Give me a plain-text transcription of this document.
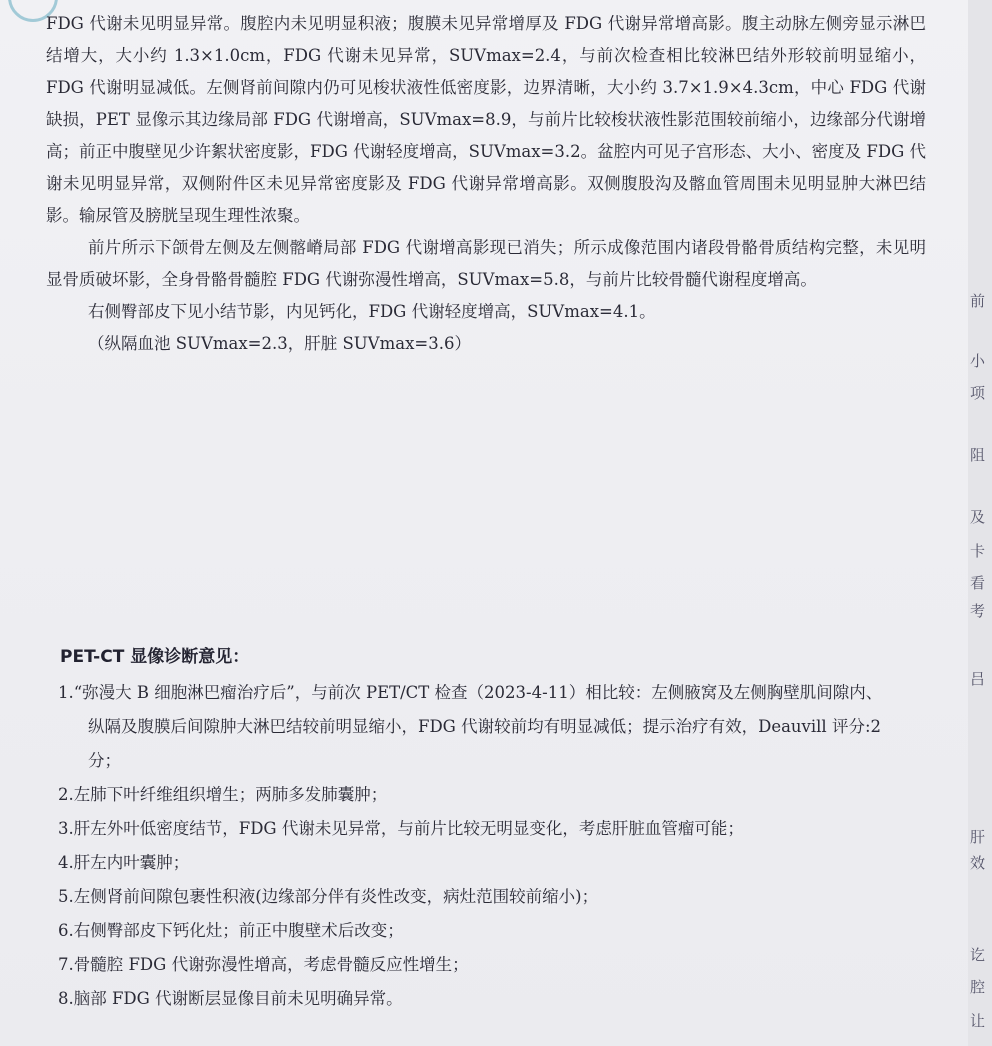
FDG 代谢未见明显异常。腹腔内未见明显积液；腹膜未见异常增厚及 FDG 代谢异常增高影。腹主动脉左侧旁显示淋巴结增大，大小约 1.3×1.0cm，FDG 代谢未见异常，SUVmax=2.4，与前次检查相比较淋巴结外形较前明显缩小，FDG 代谢明显减低。左侧肾前间隙内仍可见梭状液性低密度影，边界清晰，大小约 3.7×1.9×4.3cm，中心 FDG 代谢缺损，PET 显像示其边缘局部 FDG 代谢增高，SUVmax=8.9，与前片比较梭状液性影范围较前缩小，边缘部分代谢增高；前正中腹壁见少许絮状密度影，FDG 代谢轻度增高，SUVmax=3.2。盆腔内可见子宫形态、大小、密度及 FDG 代谢未见明显异常，双侧附件区未见异常密度影及 FDG 代谢异常增高影。双侧腹股沟及髂血管周围未见明显肿大淋巴结影。输尿管及膀胱呈现生理性浓聚。

前片所示下颌骨左侧及左侧髂嵴局部 FDG 代谢增高影现已消失；所示成像范围内诸段骨骼骨质结构完整，未见明显骨质破坏影，全身骨骼骨髓腔 FDG 代谢弥漫性增高，SUVmax=5.8，与前片比较骨髓代谢程度增高。

右侧臀部皮下见小结节影，内见钙化，FDG 代谢轻度增高，SUVmax=4.1。

（纵隔血池 SUVmax=2.3，肝脏 SUVmax=3.6）

PET-CT 显像诊断意见：

1.“弥漫大 B 细胞淋巴瘤治疗后”，与前次 PET/CT 检查（2023-4-11）相比较：左侧腋窝及左侧胸壁肌间隙内、纵隔及腹膜后间隙肿大淋巴结较前明显缩小，FDG 代谢较前均有明显减低；提示治疗有效，Deauvill 评分:2 分；

2.左肺下叶纤维组织增生；两肺多发肺囊肿；

3.肝左外叶低密度结节，FDG 代谢未见异常，与前片比较无明显变化，考虑肝脏血管瘤可能；

4.肝左内叶囊肿；

5.左侧肾前间隙包裹性积液(边缘部分伴有炎性改变，病灶范围较前缩小)；

6.右侧臀部皮下钙化灶；前正中腹壁术后改变；

7.骨髓腔 FDG 代谢弥漫性增高，考虑骨髓反应性增生；

8.脑部 FDG 代谢断层显像目前未见明确异常。

前
小
项
阻
及
卡
看
考
吕
肝
效
讫
腔
让
